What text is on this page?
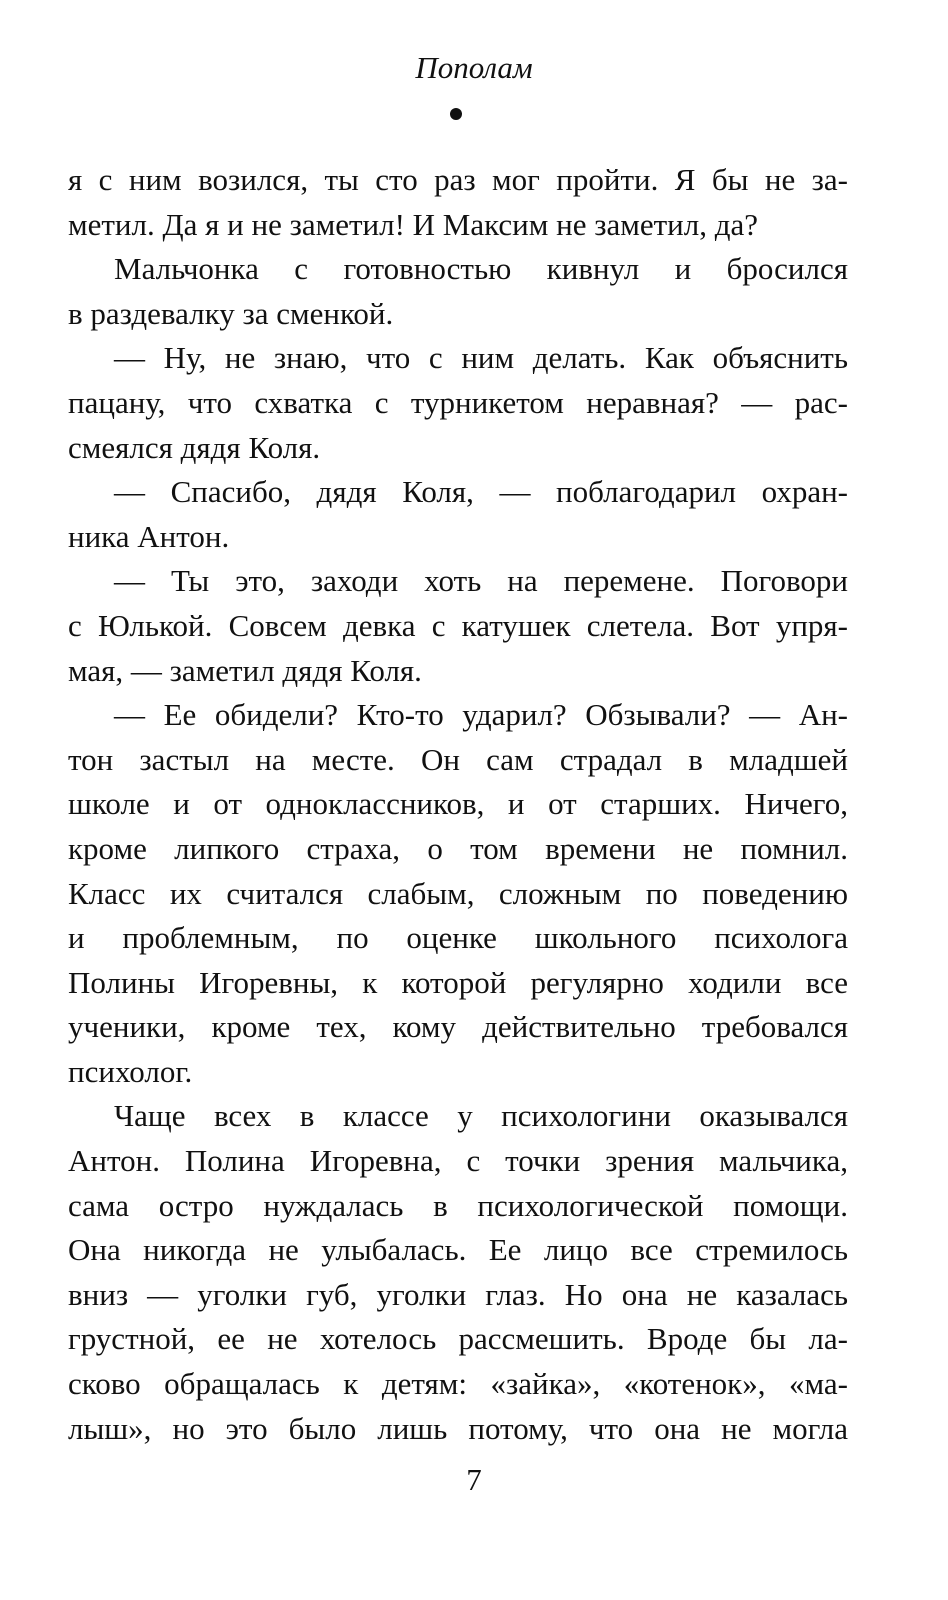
Пополам
я с ним возился, ты сто раз мог пройти. Я бы не за-
метил. Да я и не заметил! И Максим не заметил, да?
Мальчонка с готовностью кивнул и бросился
в раздевалку за сменкой.
— Ну, не знаю, что с ним делать. Как объяснить
пацану, что схватка с турникетом неравная? — рас-
смеялся дядя Коля.
— Спасибо, дядя Коля, — поблагодарил охран-
ника Антон.
— Ты это, заходи хоть на перемене. Поговори
с Юлькой. Совсем девка с катушек слетела. Вот упря-
мая, — заметил дядя Коля.
— Ее обидели? Кто-то ударил? Обзывали? — Ан-
тон застыл на месте. Он сам страдал в младшей
школе и от одноклассников, и от старших. Ничего,
кроме липкого страха, о том времени не помнил.
Класс их считался слабым, сложным по поведению
и проблемным, по оценке школьного психолога
Полины Игоревны, к которой регулярно ходили все
ученики, кроме тех, кому действительно требовался
психолог.
Чаще всех в классе у психологини оказывался
Антон. Полина Игоревна, с точки зрения мальчика,
сама остро нуждалась в психологической помощи.
Она никогда не улыбалась. Ее лицо все стремилось
вниз — уголки губ, уголки глаз. Но она не казалась
грустной, ее не хотелось рассмешить. Вроде бы ла-
сково обращалась к детям: «зайка», «котенок», «ма-
лыш», но это было лишь потому, что она не могла
7
